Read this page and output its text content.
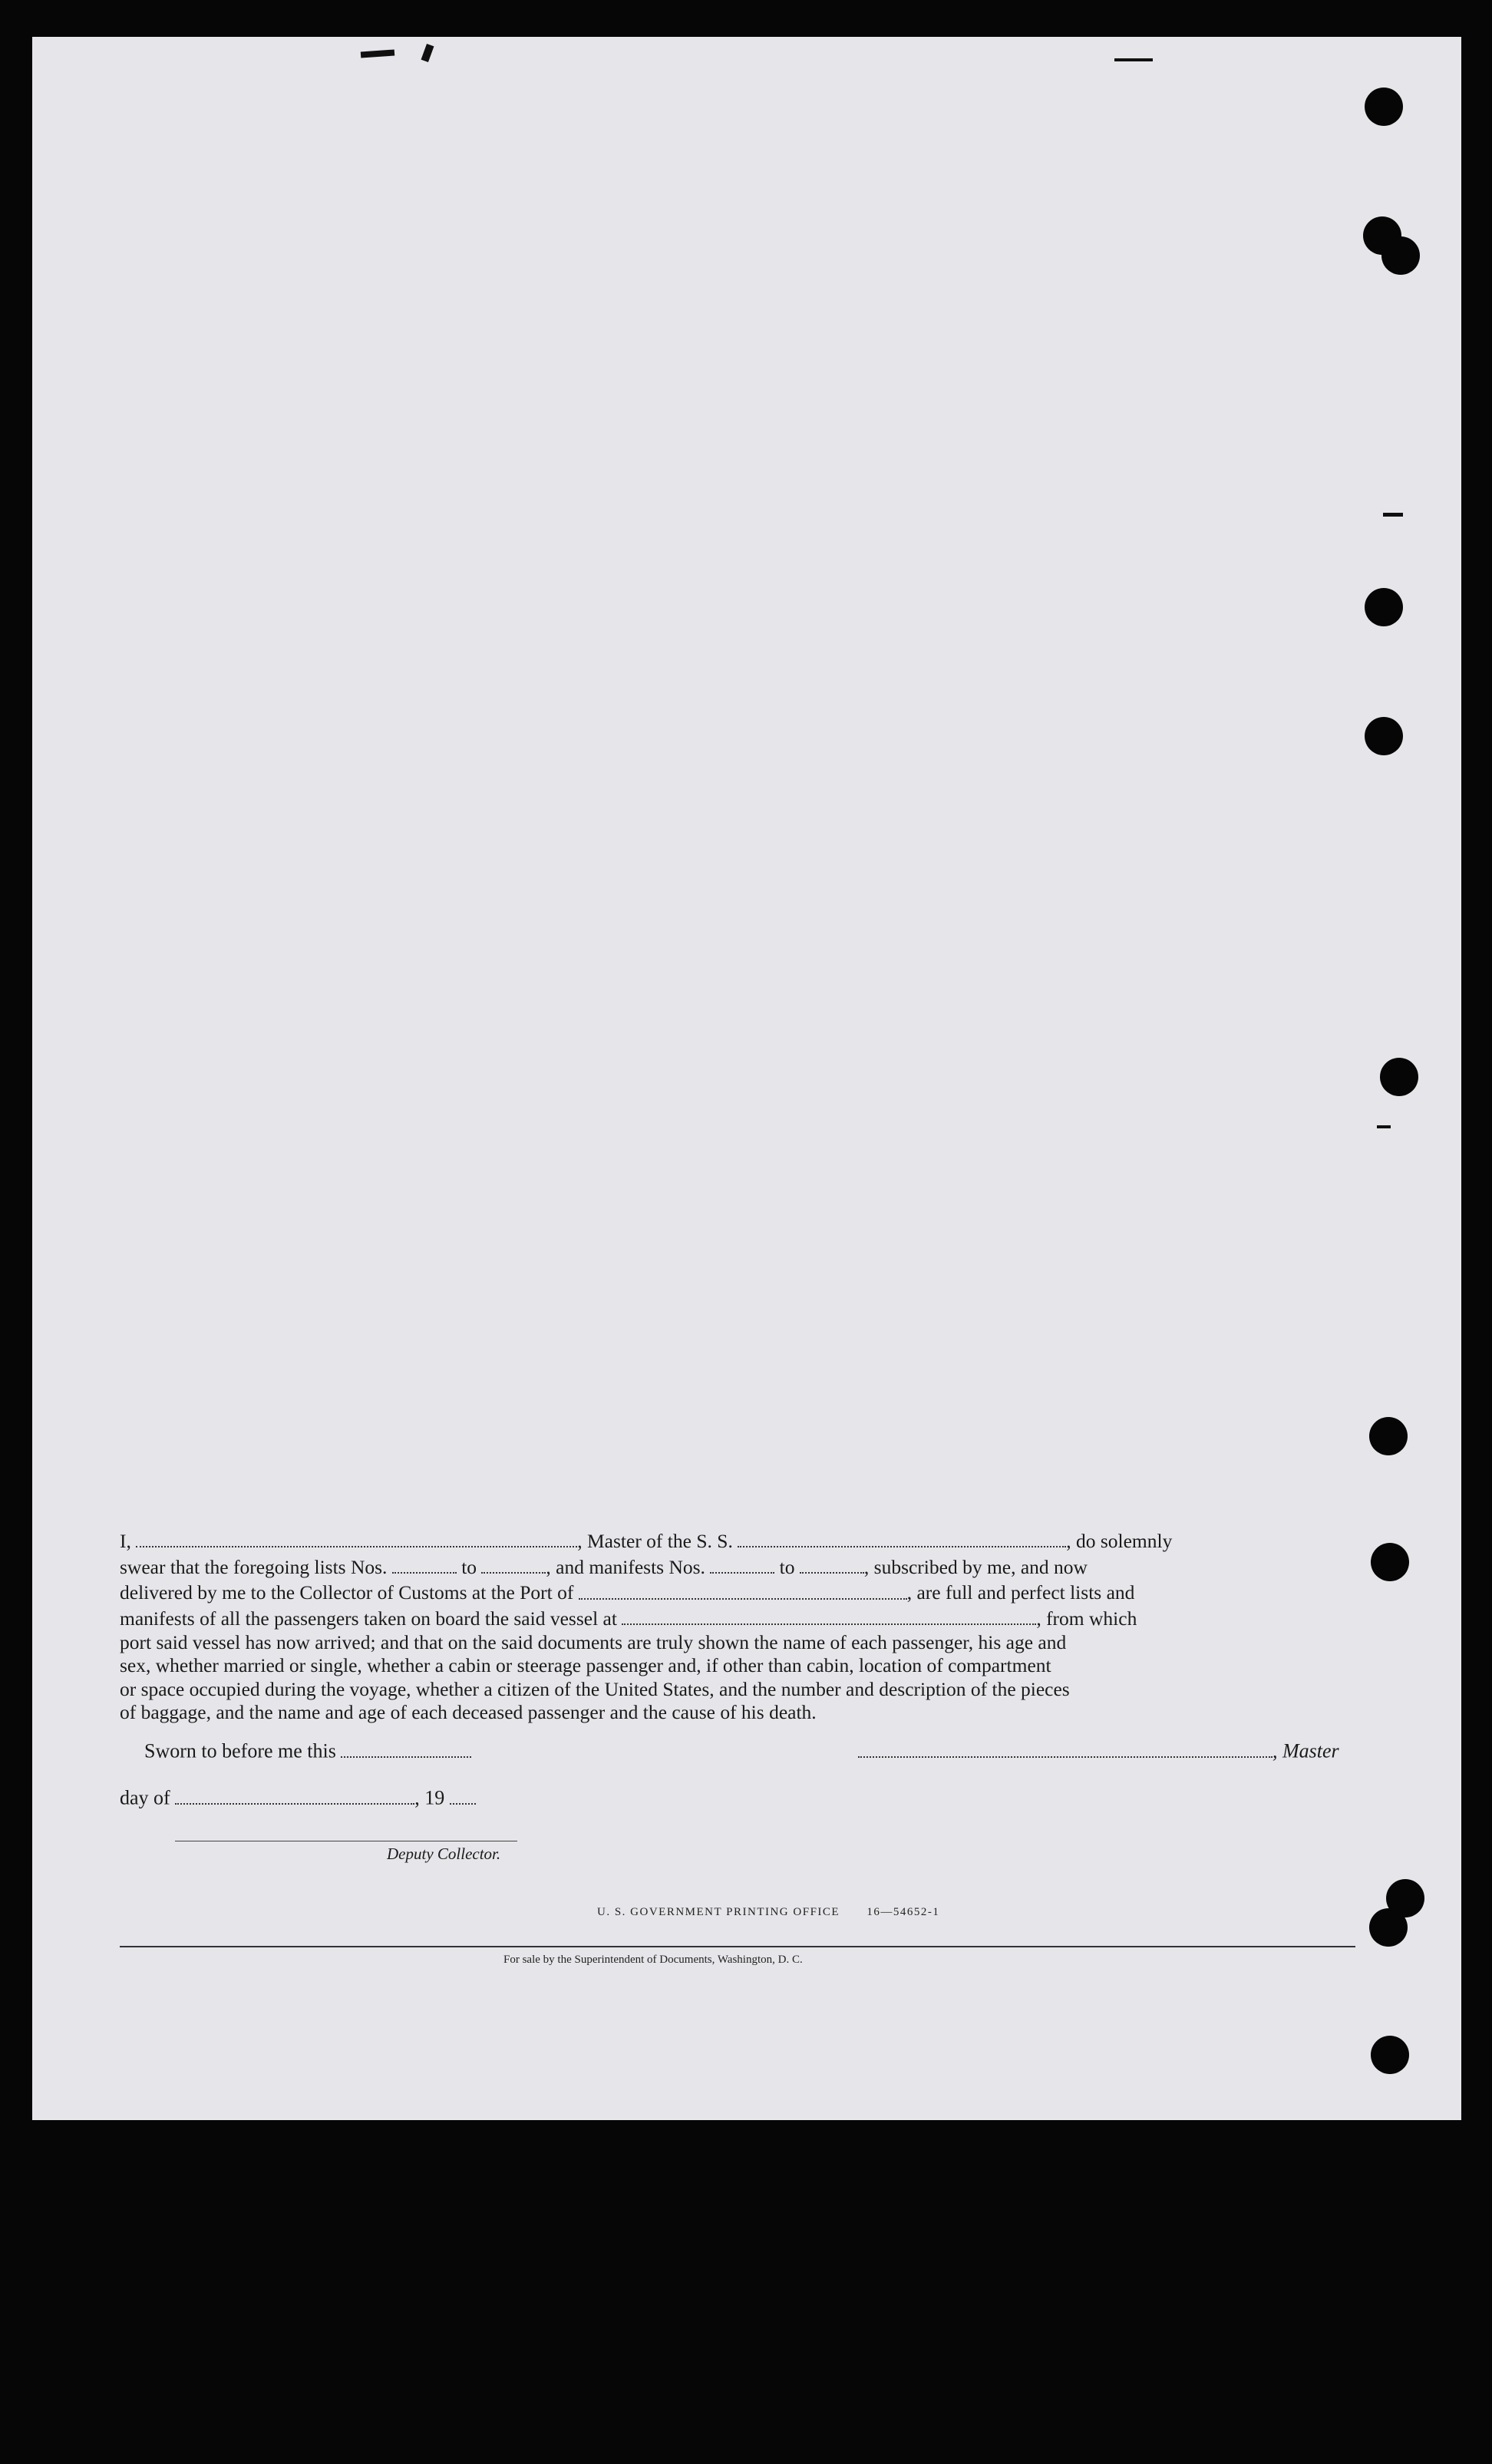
I,	, Master of the S. S.	, do solemnly
swear that the foregoing lists Nos.	to	, and manifests Nos.	to	, subscribed by me, and now
delivered by me to the Collector of Customs at the Port of	, are full and perfect lists and
manifests of all the passengers taken on board the said vessel at	, from which
port said vessel has now arrived; and that on the said documents are truly shown the name of each passenger, his age and
sex, whether married or single, whether a cabin or steerage passenger and, if other than cabin, location of compartment
or space occupied during the voyage, whether a citizen of the United States, and the number and description of the pieces
of baggage, and the name and age of each deceased passenger and the cause of his death.
Sworn to before me this	, Master
day of	, 19
Deputy Collector.
U. S. GOVERNMENT PRINTING OFFICE 16—54652-1
For sale by the Superintendent of Documents, Washington, D. C.
